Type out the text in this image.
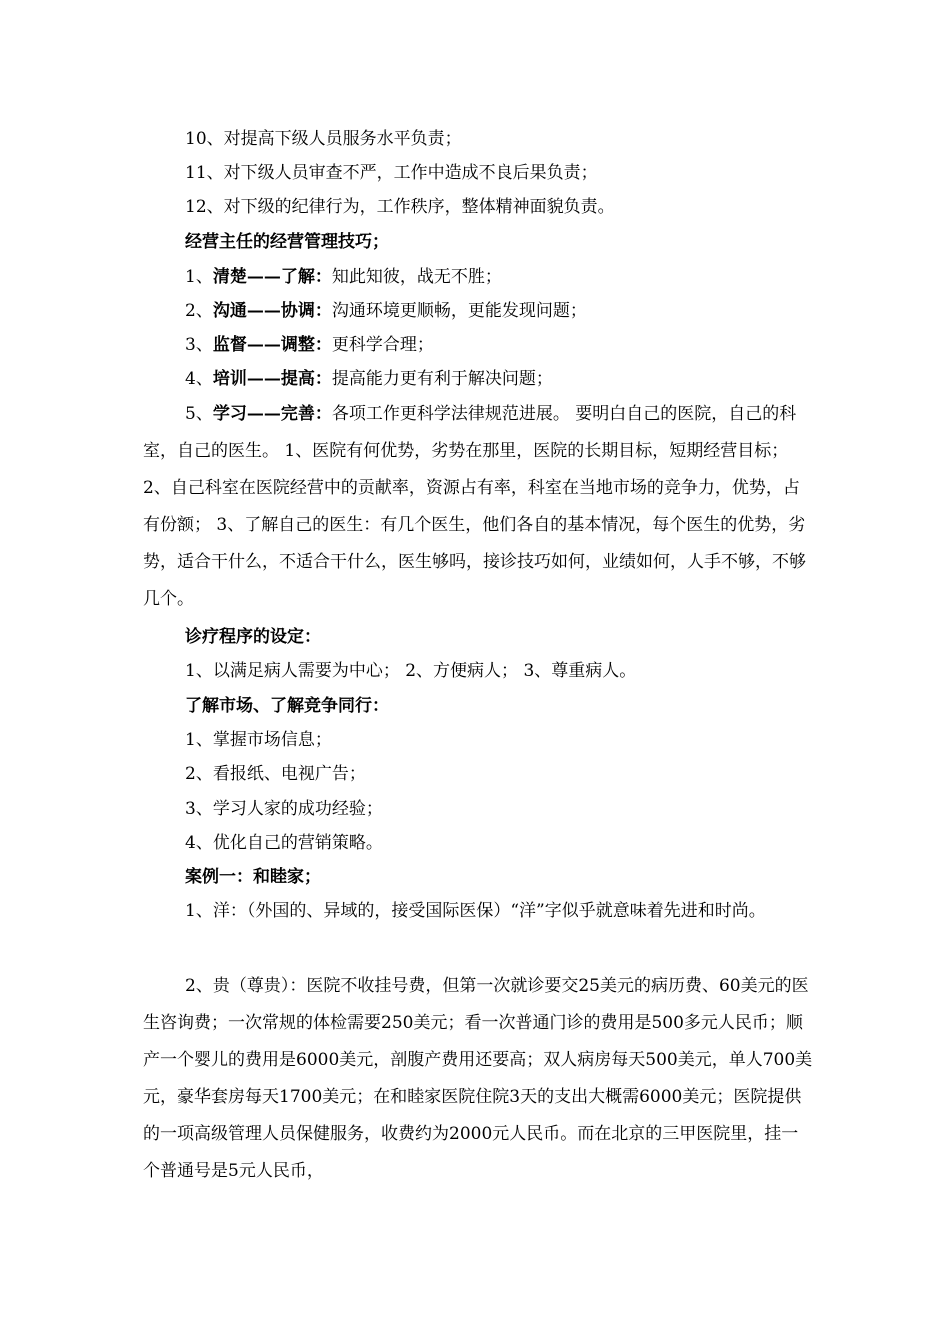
10、对提高下级人员服务水平负责；

11、对下级人员审查不严，工作中造成不良后果负责；

12、对下级的纪律行为，工作秩序，整体精神面貌负责。

经营主任的经营管理技巧；

1、清楚——了解：知此知彼，战无不胜；

2、沟通——协调：沟通环境更顺畅，更能发现问题；

3、监督——调整：更科学合理；

4、培训——提高：提高能力更有利于解决问题；

5、学习——完善：各项工作更科学法律规范进展。 要明白自己的医院，自己的科室，自己的医生。 1、医院有何优势，劣势在那里，医院的长期目标，短期经营目标； 2、自己科室在医院经营中的贡献率，资源占有率，科室在当地市场的竞争力，优势，占有份额； 3、了解自己的医生：有几个医生，他们各自的基本情况，每个医生的优势，劣势，适合干什么，不适合干什么，医生够吗，接诊技巧如何，业绩如何，人手不够，不够几个。

诊疗程序的设定：

1、以满足病人需要为中心； 2、方便病人； 3、尊重病人。

了解市场、了解竞争同行：

1、掌握市场信息；

2、看报纸、电视广告；

3、学习人家的成功经验；

4、优化自己的营销策略。

案例一：和睦家；

1、洋：（外国的、异域的，接受国际医保）“洋”字似乎就意味着先进和时尚。

2、贵（尊贵）：医院不收挂号费，但第一次就诊要交25美元的病历费、60美元的医生咨询费；一次常规的体检需要250美元；看一次普通门诊的费用是500多元人民币；顺产一个婴儿的费用是6000美元，剖腹产费用还要高；双人病房每天500美元，单人700美元，豪华套房每天1700美元；在和睦家医院住院3天的支出大概需6000美元；医院提供的一项高级管理人员保健服务，收费约为2000元人民币。而在北京的三甲医院里，挂一个普通号是5元人民币，
